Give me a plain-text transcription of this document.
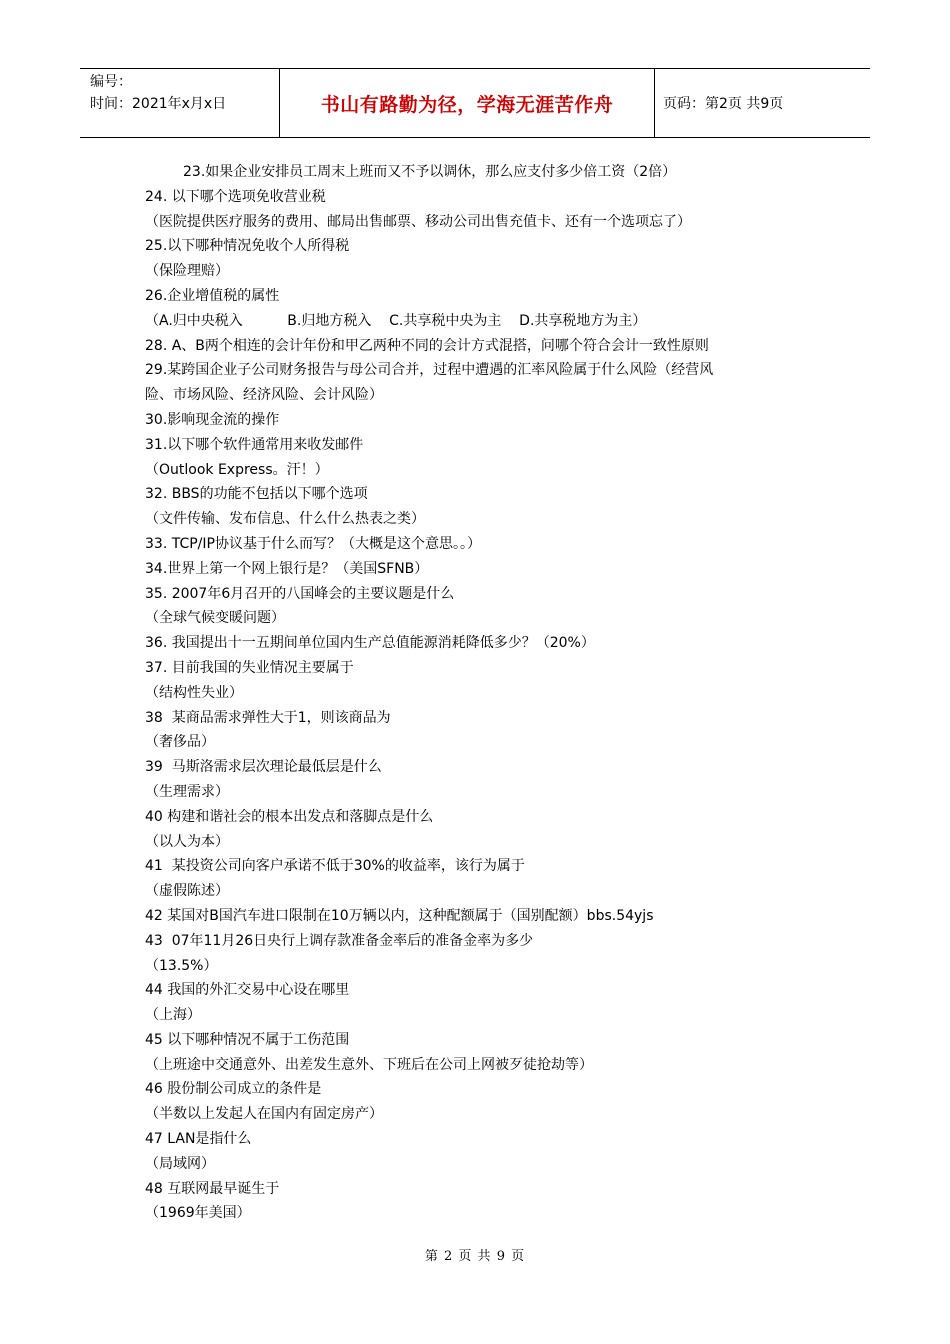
编号：
时间：2021年x月x日	书山有路勤为径，学海无涯苦作舟	页码：第2页 共9页
23.如果企业安排员工周末上班而又不予以调休，那么应支付多少倍工资（2倍）
24. 以下哪个选项免收营业税
（医院提供医疗服务的费用、邮局出售邮票、移动公司出售充值卡、还有一个选项忘了）
25.以下哪种情况免收个人所得税
（保险理赔）
26.企业增值税的属性
（A.归中央税入          B.归地方税入    C.共享税中央为主    D.共享税地方为主）
28. A、B两个相连的会计年份和甲乙两种不同的会计方式混搭，问哪个符合会计一致性原则
29.某跨国企业子公司财务报告与母公司合并，过程中遭遇的汇率风险属于什么风险（经营风
险、市场风险、经济风险、会计风险）
30.影响现金流的操作
31.以下哪个软件通常用来收发邮件
（Outlook Express。汗！）
32. BBS的功能不包括以下哪个选项
（文件传输、发布信息、什么什么热表之类）
33. TCP/IP协议基于什么而写？（大概是这个意思。。）
34.世界上第一个网上银行是？（美国SFNB）
35. 2007年6月召开的八国峰会的主要议题是什么
（全球气候变暖问题）
36. 我国提出十一五期间单位国内生产总值能源消耗降低多少？（20%）
37. 目前我国的失业情况主要属于
（结构性失业）
38  某商品需求弹性大于1，则该商品为
（奢侈品）
39  马斯洛需求层次理论最低层是什么
（生理需求）
40 构建和谐社会的根本出发点和落脚点是什么
（以人为本）
41  某投资公司向客户承诺不低于30%的收益率，该行为属于
（虚假陈述）
42 某国对B国汽车进口限制在10万辆以内，这种配额属于（国别配额）bbs.54yjs
43  07年11月26日央行上调存款准备金率后的准备金率为多少
（13.5%）
44 我国的外汇交易中心设在哪里
（上海）
45 以下哪种情况不属于工伤范围
（上班途中交通意外、出差发生意外、下班后在公司上网被歹徒抢劫等）
46 股份制公司成立的条件是
（半数以上发起人在国内有固定房产）
47 LAN是指什么
（局域网）
48 互联网最早诞生于
（1969年美国）
第 2 页 共 9 页
